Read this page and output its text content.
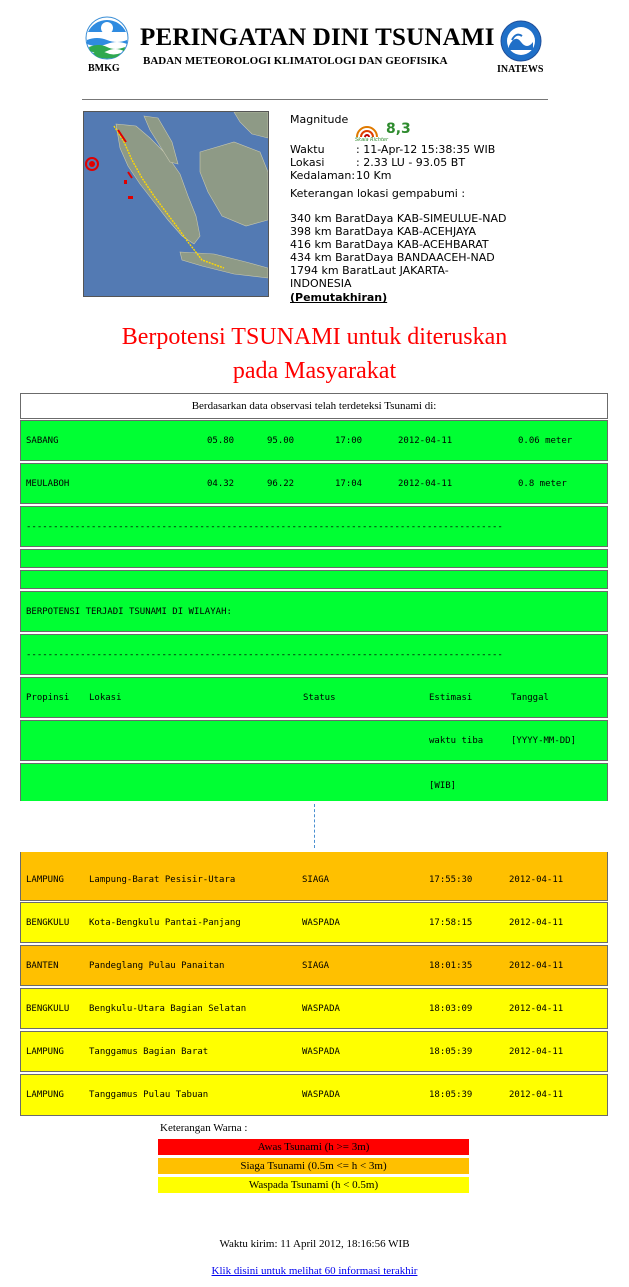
BMKG
PERINGATAN DINI TSUNAMI
BADAN METEOROLOGI KLIMATOLOGI DAN GEOFISIKA
INATEWS
Magnitude
8,3
Skala Richter
Waktu	: 11-Apr-12 15:38:35 WIB
Lokasi	: 2.33 LU - 93.05 BT
Kedalaman: 10 Km
Keterangan lokasi gempabumi :
340 km BaratDaya KAB-SIMEULUE-NAD
398 km BaratDaya KAB-ACEHJAYA
416 km BaratDaya KAB-ACEHBARAT
434 km BaratDaya BANDAACEH-NAD
1794 km BaratLaut JAKARTA-
INDONESIA
(Pemutakhiran)
Berpotensi TSUNAMI untuk diteruskan
pada Masyarakat
Berdasarkan data observasi telah terdeteksi Tsunami di:
SABANG	05.80	95.00	17:00	2012-04-11	0.06 meter
MEULABOH	04.32	96.22	17:04	2012-04-11	0.8 meter
----------------------------------------------------------------------------------------
BERPOTENSI TERJADI TSUNAMI DI WILAYAH:
----------------------------------------------------------------------------------------
Propinsi Lokasi	Status	Estimasi	Tanggal
waktu tiba	[YYYY-MM-DD]
[WIB]
LAMPUNG	Lampung-Barat Pesisir-Utara	SIAGA	17:55:30	2012-04-11
BENGKULU Kota-Bengkulu Pantai-Panjang	WASPADA	17:58:15	2012-04-11
BANTEN	Pandeglang Pulau Panaitan	SIAGA	18:01:35	2012-04-11
BENGKULU Bengkulu-Utara Bagian Selatan	WASPADA	18:03:09	2012-04-11
LAMPUNG	Tanggamus Bagian Barat	WASPADA	18:05:39	2012-04-11
LAMPUNG	Tanggamus Pulau Tabuan	WASPADA	18:05:39	2012-04-11
Keterangan Warna :
Awas Tsunami (h >= 3m)
Siaga Tsunami (0.5m <= h < 3m)
Waspada Tsunami (h < 0.5m)
Waktu kirim: 11 April 2012, 18:16:56 WIB
Klik disini untuk melihat 60 informasi terakhir
